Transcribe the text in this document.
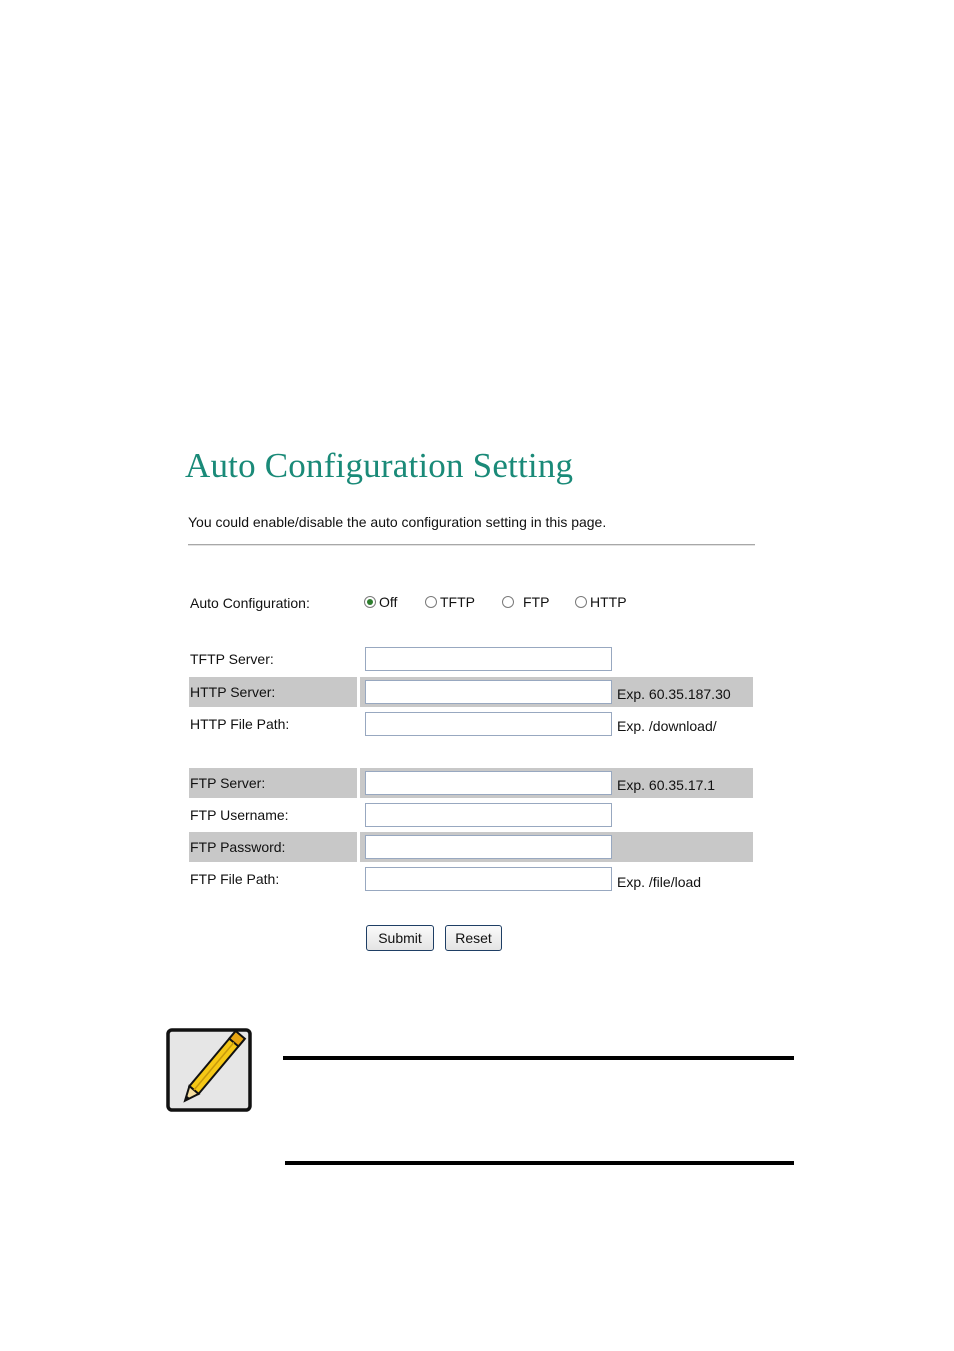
Auto Configuration Setting
You could enable/disable the auto configuration setting in this page.
Auto Configuration:	Off	TFTP	FTP	HTTP
TFTP Server:
HTTP Server:	Exp. 60.35.187.30
HTTP File Path:	Exp. /download/
FTP Server:	Exp. 60.35.17.1
FTP Username:
FTP Password:
FTP File Path:	Exp. /file/load
Submit	Reset
